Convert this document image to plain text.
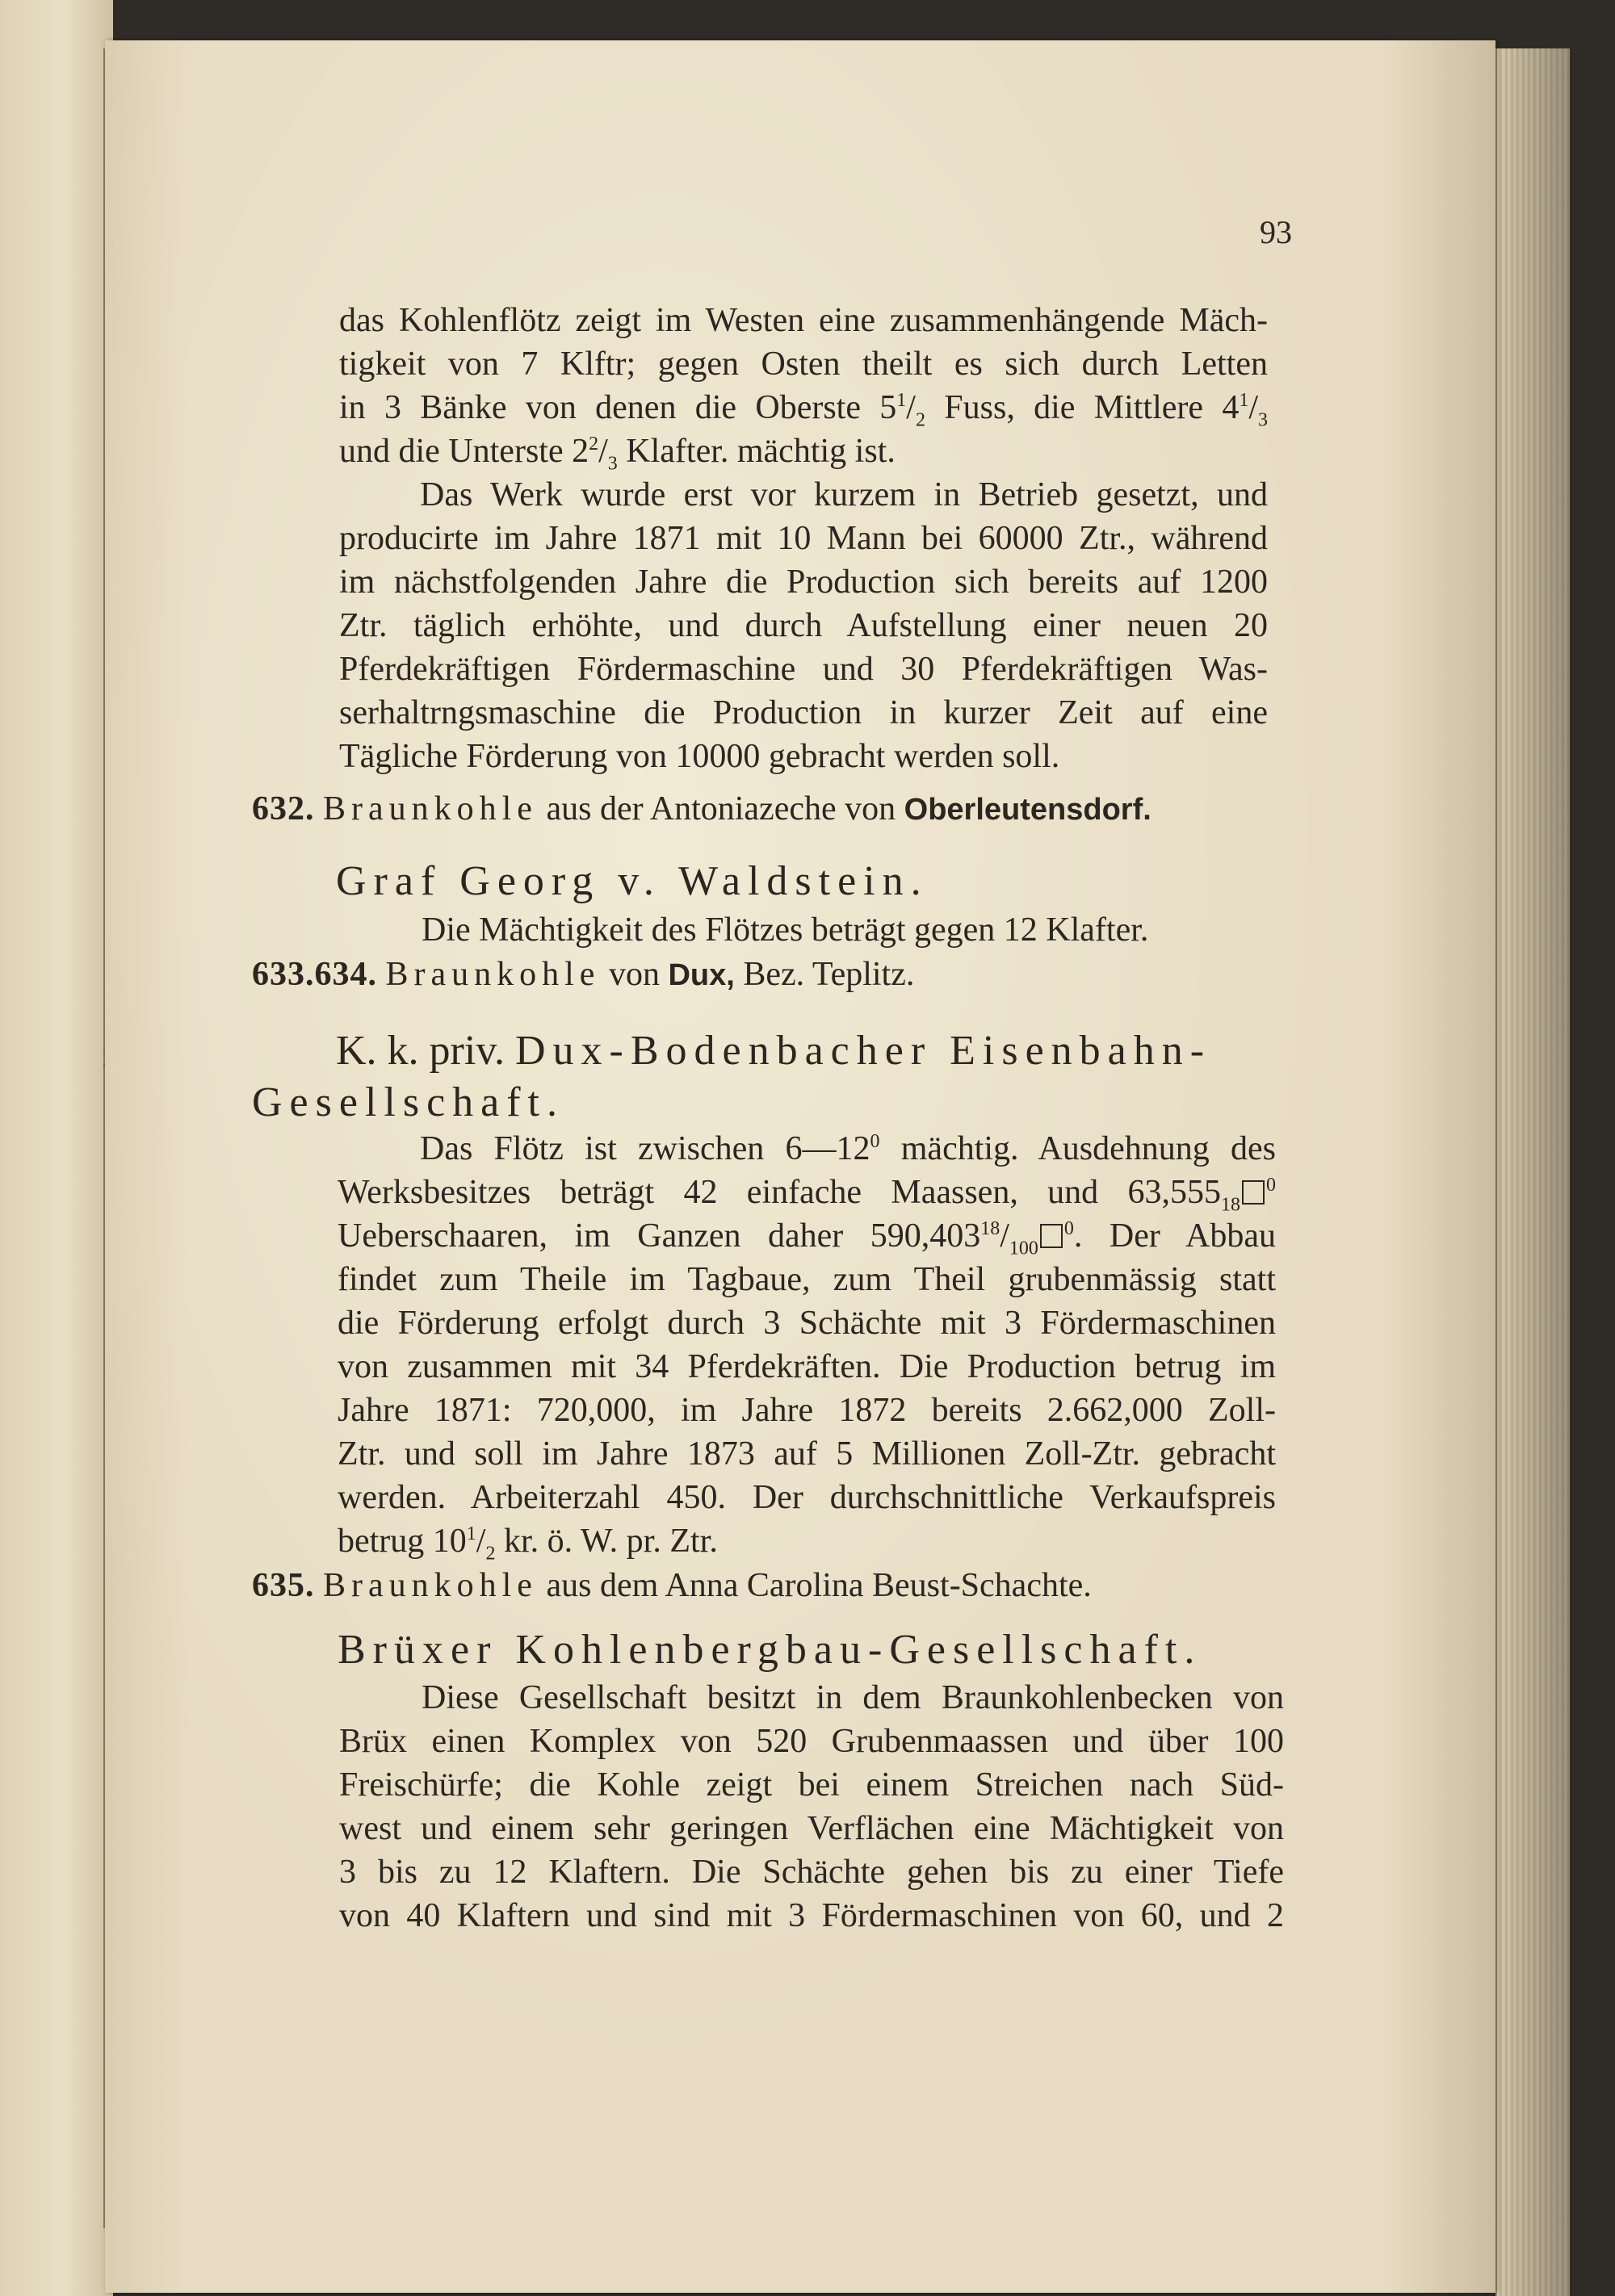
93
das Kohlenflötz zeigt im Westen eine zusammenhängende Mäch-
tigkeit von 7 Klftr; gegen Osten theilt es sich durch Letten
in 3 Bänke von denen die Oberste $5^1/_2$ Fuss, die Mittlere $4^1/_3$
und die Unterste $2^2/_3$ Klafter. mächtig ist.
Das Werk wurde erst vor kurzem in Betrieb gesetzt, und
producirte im Jahre 1871 mit 10 Mann bei 60000 Ztr., während
im nächstfolgenden Jahre die Production sich bereits auf 1200
Ztr. täglich erhöhte, und durch Aufstellung einer neuen 20
Pferdekräftigen Fördermaschine und 30 Pferdekräftigen Was-
serhaltrngsmaschine die Production in kurzer Zeit auf eine
Tägliche Förderung von 10000 gebracht werden soll.
632. Braunkohle aus der Antoniazeche von Oberleutensdorf.
Graf Georg v. Waldstein.
Die Mächtigkeit des Flötzes beträgt gegen 12 Klafter.
633.634. Braunkohle von Dux, Bez. Teplitz.
K. k. priv. Dux-Bodenbacher Eisenbahn-
Gesellschaft.
Das Flötz ist zwischen $6—12^0$ mächtig. Ausdehnung des
Werksbesitzes beträgt 42 einfache Maassen, und $63,555_{18}^0$
Ueberschaaren, im Ganzen daher $590,403^{18}/_{100}^0$. Der Abbau
findet zum Theile im Tagbaue, zum Theil grubenmässig statt
die Förderung erfolgt durch 3 Schächte mit 3 Fördermaschinen
von zusammen mit 34 Pferdekräften. Die Production betrug im
Jahre 1871: 720,000, im Jahre 1872 bereits 2.662,000 Zoll-
Ztr. und soll im Jahre 1873 auf 5 Millionen Zoll-Ztr. gebracht
werden. Arbeiterzahl 450. Der durchschnittliche Verkaufspreis
betrug $10^1/_2$ kr. ö. W. pr. Ztr.
635. Braunkohle aus dem Anna Carolina Beust-Schachte.
Brüxer Kohlenbergbau-Gesellschaft.
Diese Gesellschaft besitzt in dem Braunkohlenbecken von
Brüx einen Komplex von 520 Grubenmaassen und über 100
Freischürfe; die Kohle zeigt bei einem Streichen nach Süd-
west und einem sehr geringen Verflächen eine Mächtigkeit von
3 bis zu 12 Klaftern. Die Schächte gehen bis zu einer Tiefe
von 40 Klaftern und sind mit 3 Fördermaschinen von 60, und 2
